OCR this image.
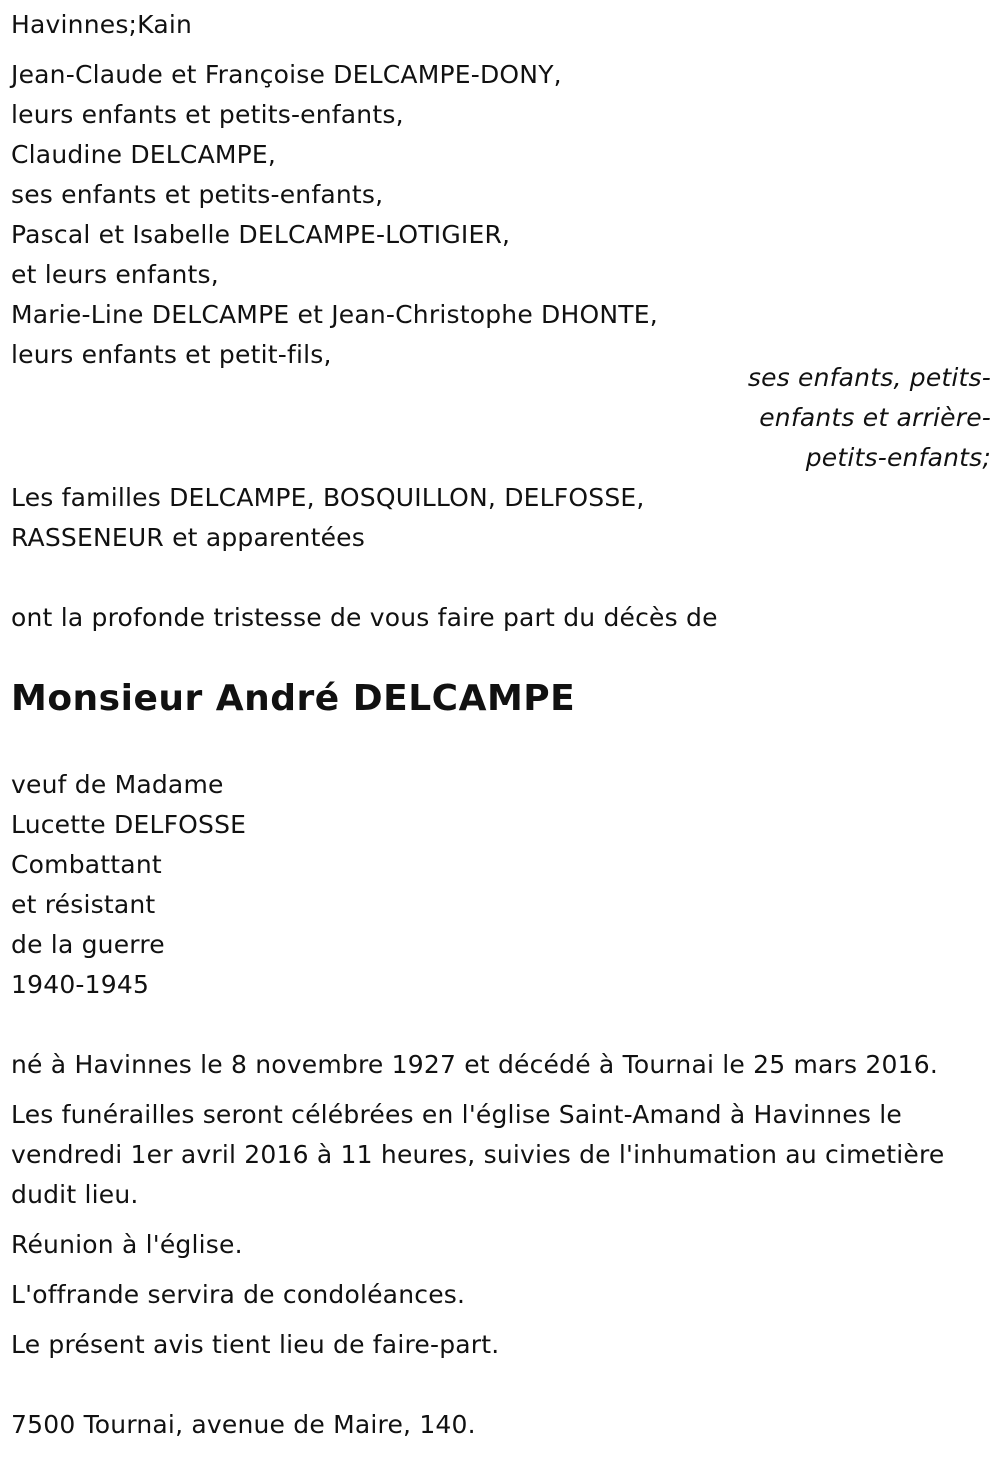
Havinnes;Kain
Jean-Claude et Françoise DELCAMPE-DONY,
leurs enfants et petits-enfants,
Claudine DELCAMPE,
ses enfants et petits-enfants,
Pascal et Isabelle DELCAMPE-LOTIGIER,
et leurs enfants,
Marie-Line DELCAMPE et Jean-Christophe DHONTE,
leurs enfants et petit-fils,
ses enfants, petits-
enfants et arrière-
petits-enfants;
Les familles DELCAMPE, BOSQUILLON, DELFOSSE,
RASSENEUR et apparentées
ont la profonde tristesse de vous faire part du décès de
Monsieur André DELCAMPE
veuf de Madame
Lucette DELFOSSE
Combattant
et résistant
de la guerre
1940-1945
né à Havinnes le 8 novembre 1927 et décédé à Tournai le 25 mars 2016.
Les funérailles seront célébrées en l'église Saint-Amand à Havinnes le
vendredi 1er avril 2016 à 11 heures, suivies de l'inhumation au cimetière
dudit lieu.
Réunion à l'église.
L'offrande servira de condoléances.
Le présent avis tient lieu de faire-part.
7500 Tournai, avenue de Maire, 140.
